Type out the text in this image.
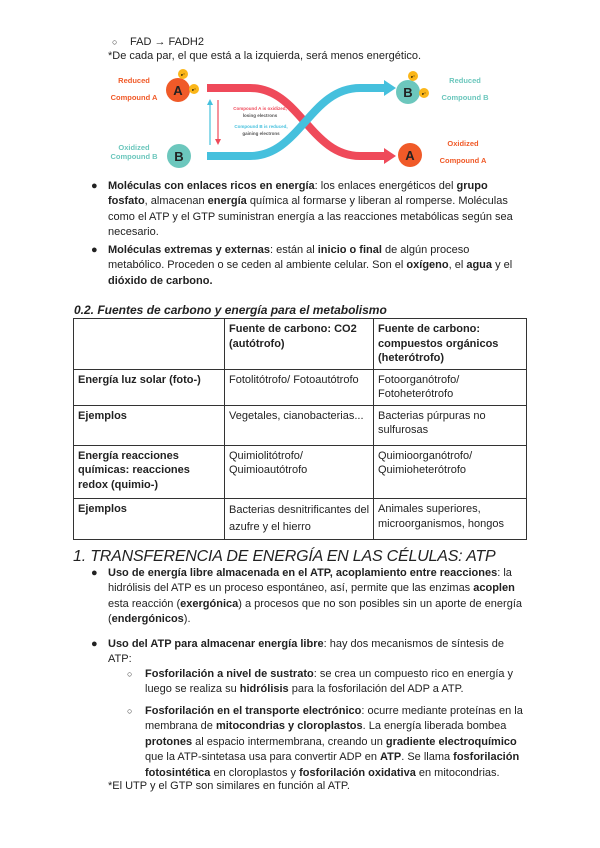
○ FAD → FADH2
*De cada par, el que está a la izquierda, será menos energético.
A
B
B
A
e⁻
e⁻
e⁻
e⁻
Reduced
Compound A
Oxidized
Compound A
Oxidized
Compound B
Reduced
Compound B
Compound A is oxidized,
losing electrons
Compound B is reduced,
gaining electrons
● Moléculas con enlaces ricos en energía: los enlaces energéticos del grupo fosfato, almacenan energía química al formarse y liberan al romperse. Moléculas como el ATP y el GTP suministran energía a las reacciones metabólicas según sea necesario.
● Moléculas extremas y externas: están al inicio o final de algún proceso metabólico. Proceden o se ceden al ambiente celular. Son el oxígeno, el agua y el dióxido de carbono.
0.2. Fuentes de carbono y energía para el metabolismo
	Fuente de carbono: CO2 (autótrofo)	Fuente de carbono: compuestos orgánicos (heterótrofo)
Energía luz solar (foto-)	Fotolitótrofo/ Fotoautótrofo	Fotoorganótrofo/ Fotoheterótrofo
Ejemplos	Vegetales, cianobacterias...	Bacterias púrpuras no sulfurosas
Energía reacciones químicas: reacciones redox (quimio-)	Quimiolitótrofo/ Quimioautótrofo	Quimioorganótrofo/ Quimioheterótrofo
Ejemplos	Bacterias desnitrificantes del azufre y el hierro	Animales superiores, microorganismos, hongos
1. TRANSFERENCIA DE ENERGÍA EN LAS CÉLULAS: ATP
● Uso de energía libre almacenada en el ATP, acoplamiento entre reacciones: la hidrólisis del ATP es un proceso espontáneo, así, permite que las enzimas acoplen esta reacción (exergónica) a procesos que no son posibles sin un aporte de energía (endergónicos).
● Uso del ATP para almacenar energía libre: hay dos mecanismos de síntesis de ATP:
○ Fosforilación a nivel de sustrato: se crea un compuesto rico en energía y luego se realiza su hidrólisis para la fosforilación del ADP a ATP.
○ Fosforilación en el transporte electrónico: ocurre mediante proteínas en la membrana de mitocondrias y cloroplastos. La energía liberada bombea protones al espacio intermembrana, creando un gradiente electroquímico que la ATP-sintetasa usa para convertir ADP en ATP. Se llama fosforilación fotosintética en cloroplastos y fosforilación oxidativa en mitocondrias.
*El UTP y el GTP son similares en función al ATP.
